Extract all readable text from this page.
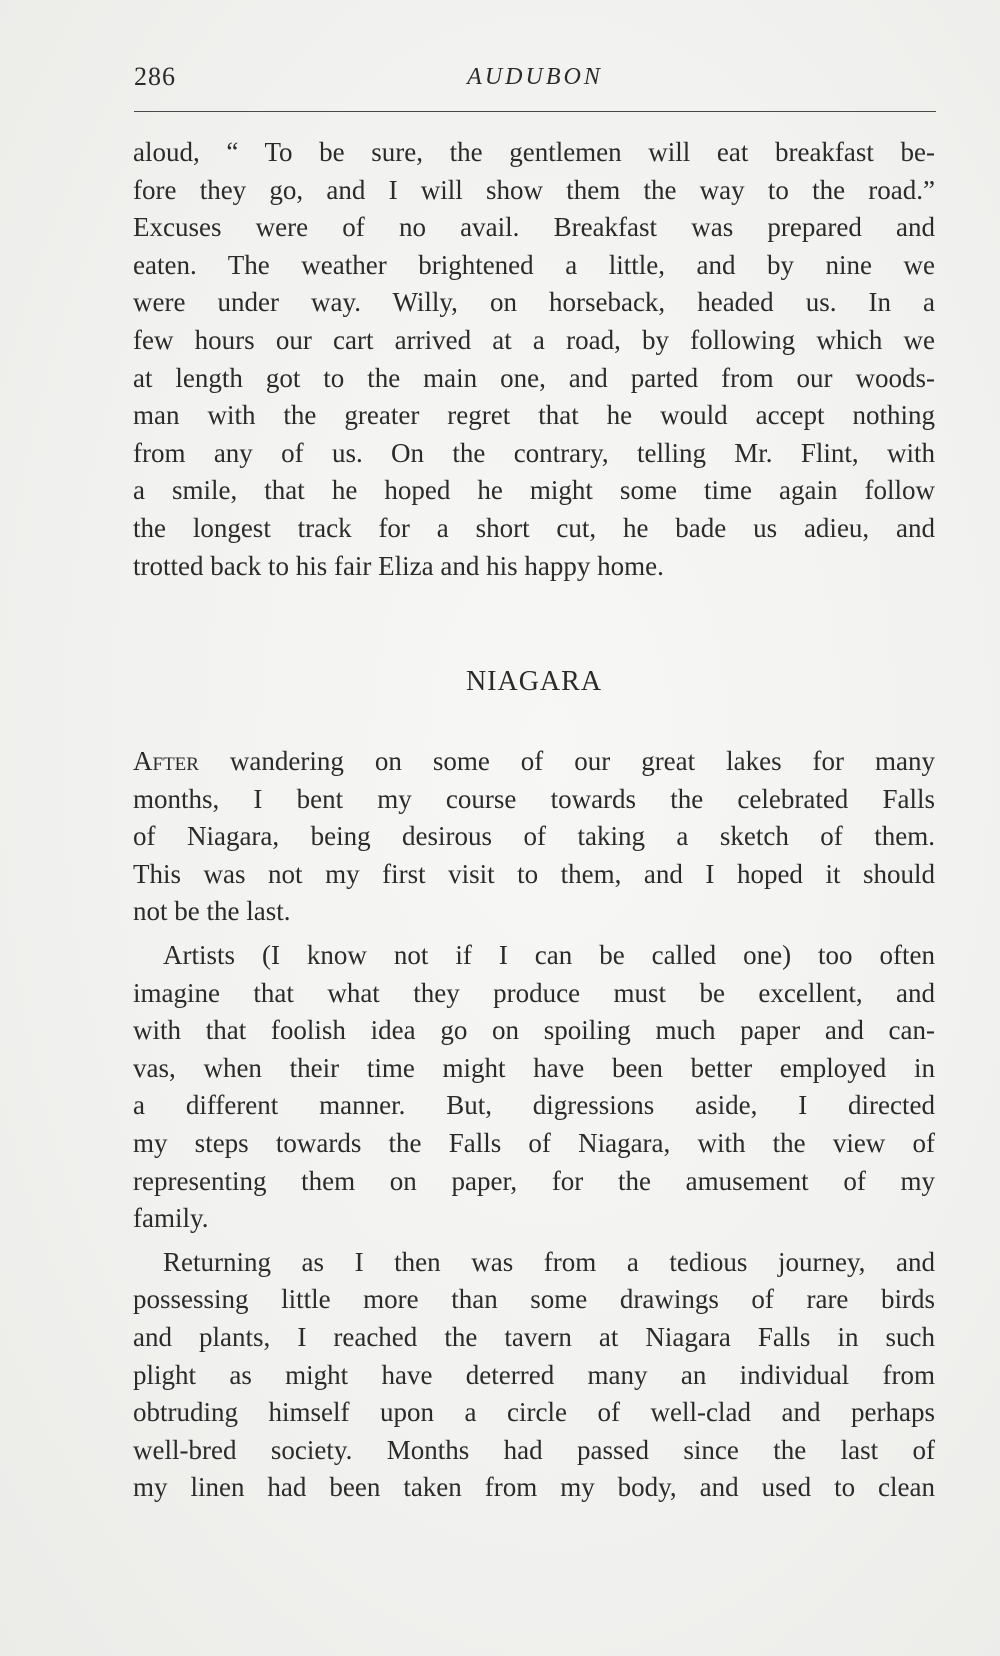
286	AUDUBON
aloud, “ To be sure, the gentlemen will eat breakfast be-
fore they go, and I will show them the way to the road.”
Excuses were of no avail. Breakfast was prepared and
eaten. The weather brightened a little, and by nine we
were under way. Willy, on horseback, headed us. In a
few hours our cart arrived at a road, by following which we
at length got to the main one, and parted from our woods-
man with the greater regret that he would accept nothing
from any of us. On the contrary, telling Mr. Flint, with
a smile, that he hoped he might some time again follow
the longest track for a short cut, he bade us adieu, and
trotted back to his fair Eliza and his happy home.
NIAGARA
After wandering on some of our great lakes for many
months, I bent my course towards the celebrated Falls
of Niagara, being desirous of taking a sketch of them.
This was not my first visit to them, and I hoped it should
not be the last.
Artists (I know not if I can be called one) too often
imagine that what they produce must be excellent, and
with that foolish idea go on spoiling much paper and can-
vas, when their time might have been better employed in
a different manner. But, digressions aside, I directed
my steps towards the Falls of Niagara, with the view of
representing them on paper, for the amusement of my
family.
Returning as I then was from a tedious journey, and
possessing little more than some drawings of rare birds
and plants, I reached the tavern at Niagara Falls in such
plight as might have deterred many an individual from
obtruding himself upon a circle of well-clad and perhaps
well-bred society. Months had passed since the last of
my linen had been taken from my body, and used to clean
